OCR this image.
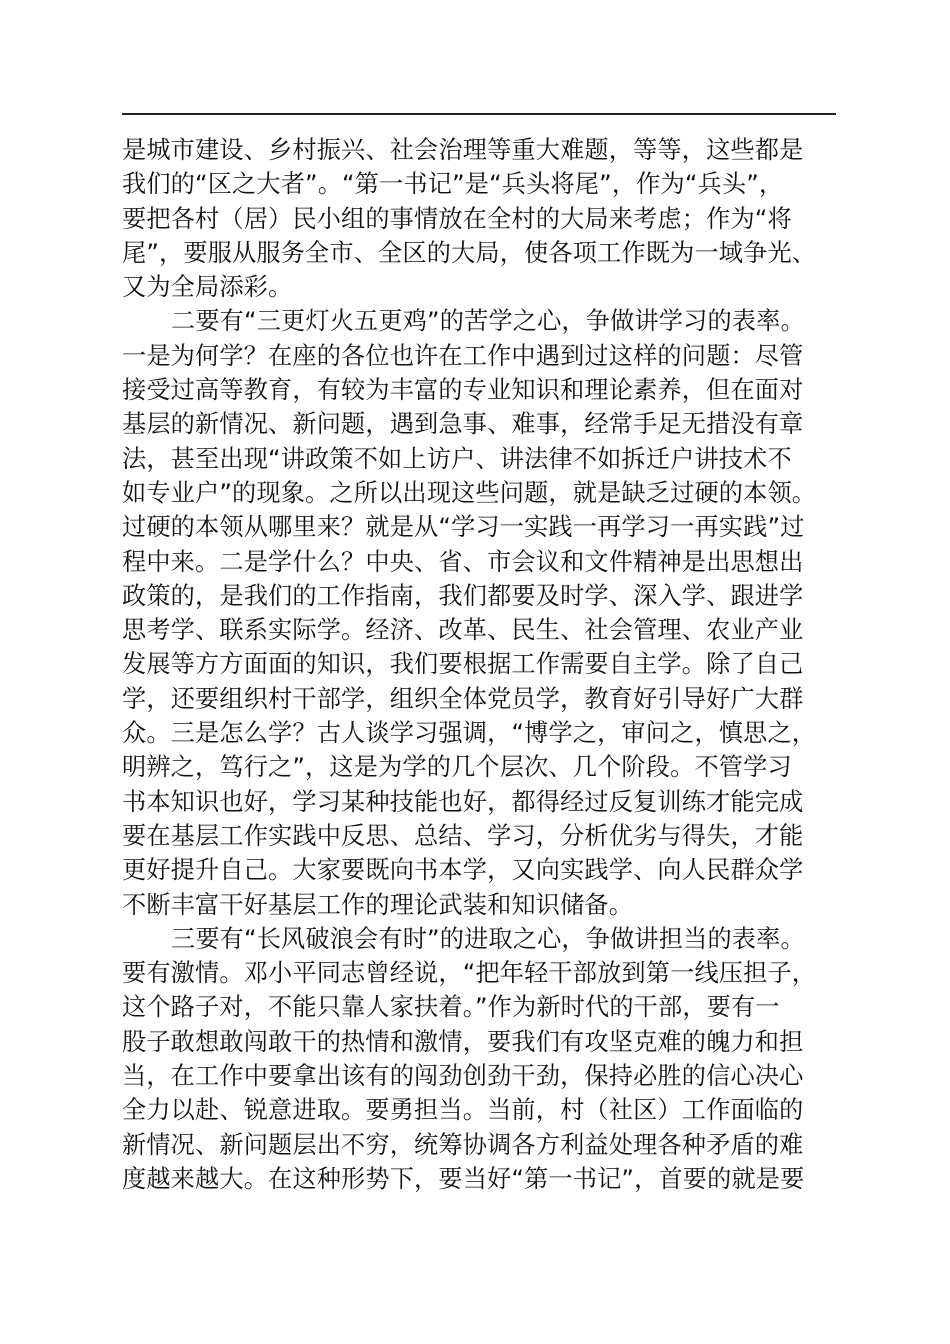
是城市建设、乡村振兴、社会治理等重大难题，等等，这些都是
我们的“区之大者”。“第一书记”是“兵头将尾”，作为“兵头”，
要把各村（居）民小组的事情放在全村的大局来考虑；作为“将
尾”，要服从服务全市、全区的大局，使各项工作既为一域争光、
又为全局添彩。
二要有“三更灯火五更鸡”的苦学之心，争做讲学习的表率。
一是为何学？在座的各位也许在工作中遇到过这样的问题：尽管
接受过高等教育，有较为丰富的专业知识和理论素养，但在面对
基层的新情况、新问题，遇到急事、难事，经常手足无措没有章
法，甚至出现“讲政策不如上访户、讲法律不如拆迁户讲技术不
如专业户”的现象。之所以出现这些问题，就是缺乏过硬的本领。
过硬的本领从哪里来？就是从“学习一实践一再学习一再实践”过
程中来。二是学什么？中央、省、市会议和文件精神是出思想出
政策的，是我们的工作指南，我们都要及时学、深入学、跟进学
思考学、联系实际学。经济、改革、民生、社会管理、农业产业
发展等方方面面的知识，我们要根据工作需要自主学。除了自己
学，还要组织村干部学，组织全体党员学，教育好引导好广大群
众。三是怎么学？古人谈学习强调，“博学之，审问之，慎思之，
明辨之，笃行之”，这是为学的几个层次、几个阶段。不管学习
书本知识也好，学习某种技能也好，都得经过反复训练才能完成
要在基层工作实践中反思、总结、学习，分析优劣与得失，才能
更好提升自己。大家要既向书本学，又向实践学、向人民群众学
不断丰富干好基层工作的理论武装和知识储备。
三要有“长风破浪会有时”的进取之心，争做讲担当的表率。
要有激情。邓小平同志曾经说，“把年轻干部放到第一线压担子，
这个路子对，不能只靠人家扶着。”作为新时代的干部，要有一
股子敢想敢闯敢干的热情和激情，要我们有攻坚克难的魄力和担
当，在工作中要拿出该有的闯劲创劲干劲，保持必胜的信心决心
全力以赴、锐意进取。要勇担当。当前，村（社区）工作面临的
新情况、新问题层出不穷，统筹协调各方利益处理各种矛盾的难
度越来越大。在这种形势下，要当好“第一书记”，首要的就是要
